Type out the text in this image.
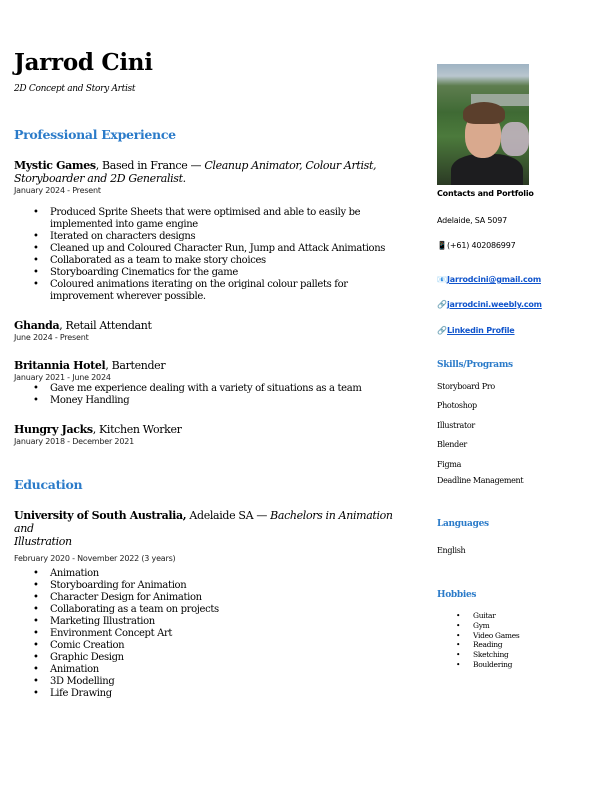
Jarrod Cini
2D Concept and Story Artist
Professional Experience
Mystic Games, Based in France — Cleanup Animator, Colour Artist,
Storyboarder and 2D Generalist.
January 2024 - Present
• Produced Sprite Sheets that were optimised and able to easily be implemented into game engine
• Iterated on characters designs
• Cleaned up and Coloured Character Run, Jump and Attack Animations
• Collaborated as a team to make story choices
• Storyboarding Cinematics for the game
• Coloured animations iterating on the original colour pallets for improvement wherever possible.
Ghanda, Retail Attendant
June 2024 - Present
Britannia Hotel, Bartender
January 2021 - June 2024
• Gave me experience dealing with a variety of situations as a team
• Money Handling
Hungry Jacks, Kitchen Worker
January 2018 - December 2021
Education
University of South Australia, Adelaide SA — Bachelors in Animation and
Illustration
February 2020 - November 2022 (3 years)
• Animation
• Storyboarding for Animation
• Character Design for Animation
• Collaborating as a team on projects
• Marketing Illustration
• Environment Concept Art
• Comic Creation
• Graphic Design
• Animation
• 3D Modelling
• Life Drawing
Contacts and Portfolio
Adelaide, SA 5097
📱(+61) 402086997
📧Jarrodcini@gmail.com
🔗jarrodcini.weebly.com
🔗Linkedin Profile
Skills/Programs
Storyboard Pro
Photoshop
Illustrator
Blender
Figma
Deadline Management
Languages
English
Hobbies
• Guitar
• Gym
• Video Games
• Reading
• Sketching
• Bouldering
